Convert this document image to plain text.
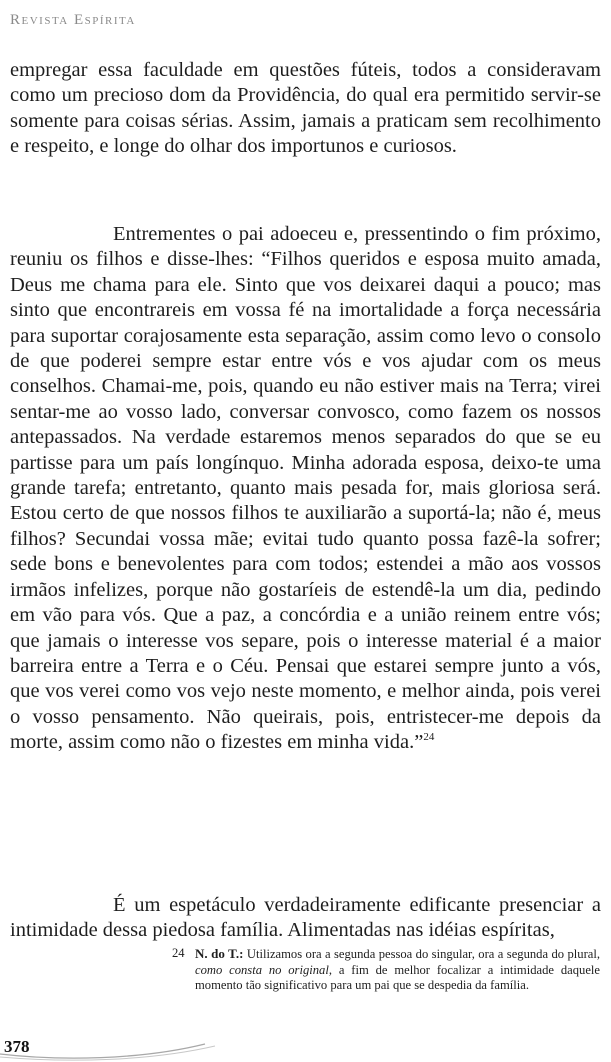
Revista Espírita

empregar essa faculdade em questões fúteis, todos a consideravam como um precioso dom da Providência, do qual era permitido servir-se somente para coisas sérias. Assim, jamais a praticam sem recolhimento e respeito, e longe do olhar dos importunos e curiosos.

Entrementes o pai adoeceu e, pressentindo o fim próximo, reuniu os filhos e disse-lhes: “Filhos queridos e esposa muito amada, Deus me chama para ele. Sinto que vos deixarei daqui a pouco; mas sinto que encontrareis em vossa fé na imortalidade a força necessária para suportar corajosamente esta separação, assim como levo o consolo de que poderei sempre estar entre vós e vos ajudar com os meus conselhos. Chamai-me, pois, quando eu não estiver mais na Terra; virei sentar-me ao vosso lado, conversar convosco, como fazem os nossos antepassados. Na verdade estaremos menos separados do que se eu partisse para um país longínquo. Minha adorada esposa, deixo-te uma grande tarefa; entretanto, quanto mais pesada for, mais gloriosa será. Estou certo de que nossos filhos te auxiliarão a suportá-la; não é, meus filhos? Secundai vossa mãe; evitai tudo quanto possa fazê-la sofrer; sede bons e benevolentes para com todos; estendei a mão aos vossos irmãos infelizes, porque não gostaríeis de estendê-la um dia, pedindo em vão para vós. Que a paz, a concórdia e a união reinem entre vós; que jamais o interesse vos separe, pois o interesse material é a maior barreira entre a Terra e o Céu. Pensai que estarei sempre junto a vós, que vos verei como vos vejo neste momento, e melhor ainda, pois verei o vosso pensamento. Não queirais, pois, entristecer-me depois da morte, assim como não o fizestes em minha vida.”$^{24}$

É um espetáculo verdadeiramente edificante presenciar a intimidade dessa piedosa família. Alimentadas nas idéias espíritas,

24 N. do T.: Utilizamos ora a segunda pessoa do singular, ora a segunda do plural, como consta no original, a fim de melhor focalizar a intimidade daquele momento tão significativo para um pai que se despedia da família.
378
